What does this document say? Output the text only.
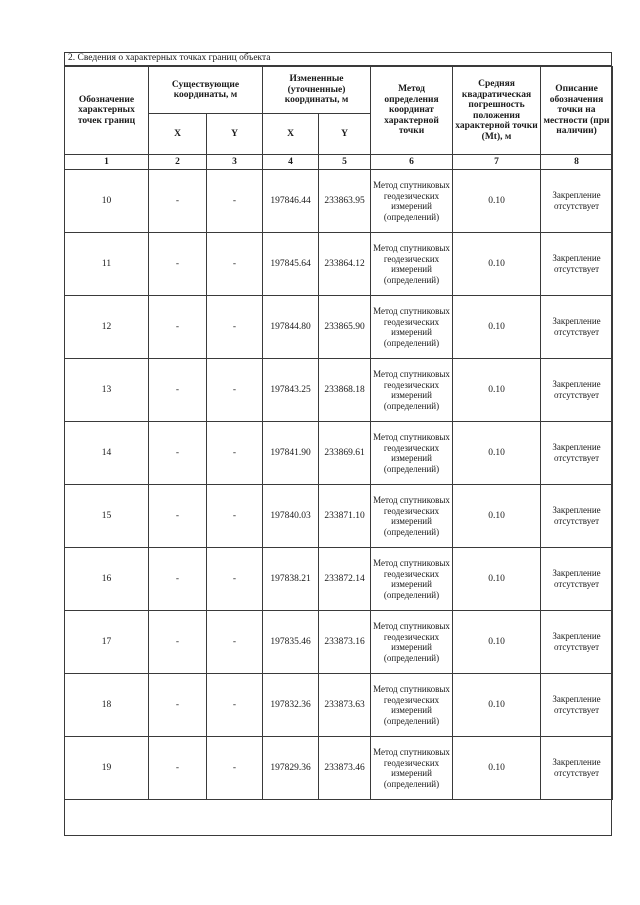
2. Сведения о характерных точках границ объекта
Обозначение характерных точек границ	Существующие координаты, м		Измененные (уточненные) координаты, м		Метод определения координат характерной точки	Средняя квадратическая погрешность положения характерной точки (Mt), м	Описание обозначения точки на местности (при наличии)
	X	Y	X	Y			
1	2	3	4	5	6	7	8
10	-	-	197846.44	233863.95	Метод спутниковых геодезических измерений (определений)	0.10	Закрепление отсутствует
11	-	-	197845.64	233864.12	Метод спутниковых геодезических измерений (определений)	0.10	Закрепление отсутствует
12	-	-	197844.80	233865.90	Метод спутниковых геодезических измерений (определений)	0.10	Закрепление отсутствует
13	-	-	197843.25	233868.18	Метод спутниковых геодезических измерений (определений)	0.10	Закрепление отсутствует
14	-	-	197841.90	233869.61	Метод спутниковых геодезических измерений (определений)	0.10	Закрепление отсутствует
15	-	-	197840.03	233871.10	Метод спутниковых геодезических измерений (определений)	0.10	Закрепление отсутствует
16	-	-	197838.21	233872.14	Метод спутниковых геодезических измерений (определений)	0.10	Закрепление отсутствует
17	-	-	197835.46	233873.16	Метод спутниковых геодезических измерений (определений)	0.10	Закрепление отсутствует
18	-	-	197832.36	233873.63	Метод спутниковых геодезических измерений (определений)	0.10	Закрепление отсутствует
19	-	-	197829.36	233873.46	Метод спутниковых геодезических измерений (определений)	0.10	Закрепление отсутствует
